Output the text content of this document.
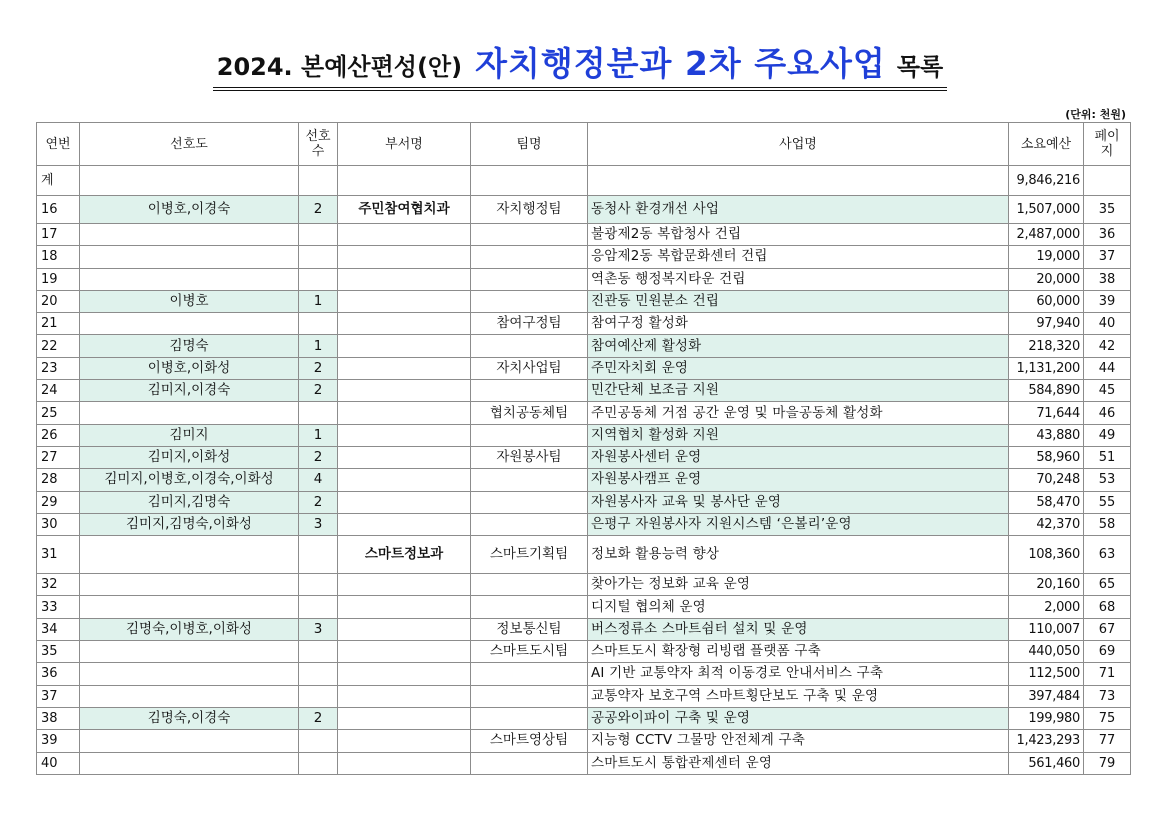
2024. 본예산편성(안) 자치행정분과 2차 주요사업 목록
(단위: 천원)
연번	선호도	선호수	부서명	팀명	사업명	소요예산	페이지
계						9,846,216	
16	이병호,이경숙	2	주민참여협치과	자치행정팀	동청사 환경개선 사업	1,507,000	35
17					불광제2동 복합청사 건립	2,487,000	36
18					응암제2동 복합문화센터 건립	19,000	37
19					역촌동 행정복지타운 건립	20,000	38
20	이병호	1			진관동 민원분소 건립	60,000	39
21				참여구정팀	참여구정 활성화	97,940	40
22	김명숙	1			참여예산제 활성화	218,320	42
23	이병호,이화성	2		자치사업팀	주민자치회 운영	1,131,200	44
24	김미지,이경숙	2			민간단체 보조금 지원	584,890	45
25				협치공동체팀	주민공동체 거점 공간 운영 및 마을공동체 활성화	71,644	46
26	김미지	1			지역협치 활성화 지원	43,880	49
27	김미지,이화성	2		자원봉사팀	자원봉사센터 운영	58,960	51
28	김미지,이병호,이경숙,이화성	4			자원봉사캠프 운영	70,248	53
29	김미지,김명숙	2			자원봉사자 교육 및 봉사단 운영	58,470	55
30	김미지,김명숙,이화성	3			은평구 자원봉사자 지원시스템 ‘은볼리’운영	42,370	58
31			스마트정보과	스마트기획팀	정보화 활용능력 향상	108,360	63
32					찾아가는 정보화 교육 운영	20,160	65
33					디지털 협의체 운영	2,000	68
34	김명숙,이병호,이화성	3		정보통신팀	버스정류소 스마트쉼터 설치 및 운영	110,007	67
35				스마트도시팀	스마트도시 확장형 리빙랩 플랫폼 구축	440,050	69
36					AI 기반 교통약자 최적 이동경로 안내서비스 구축	112,500	71
37					교통약자 보호구역 스마트횡단보도 구축 및 운영	397,484	73
38	김명숙,이경숙	2			공공와이파이 구축 및 운영	199,980	75
39				스마트영상팀	지능형 CCTV 그물망 안전체계 구축	1,423,293	77
40					스마트도시 통합관제센터 운영	561,460	79
